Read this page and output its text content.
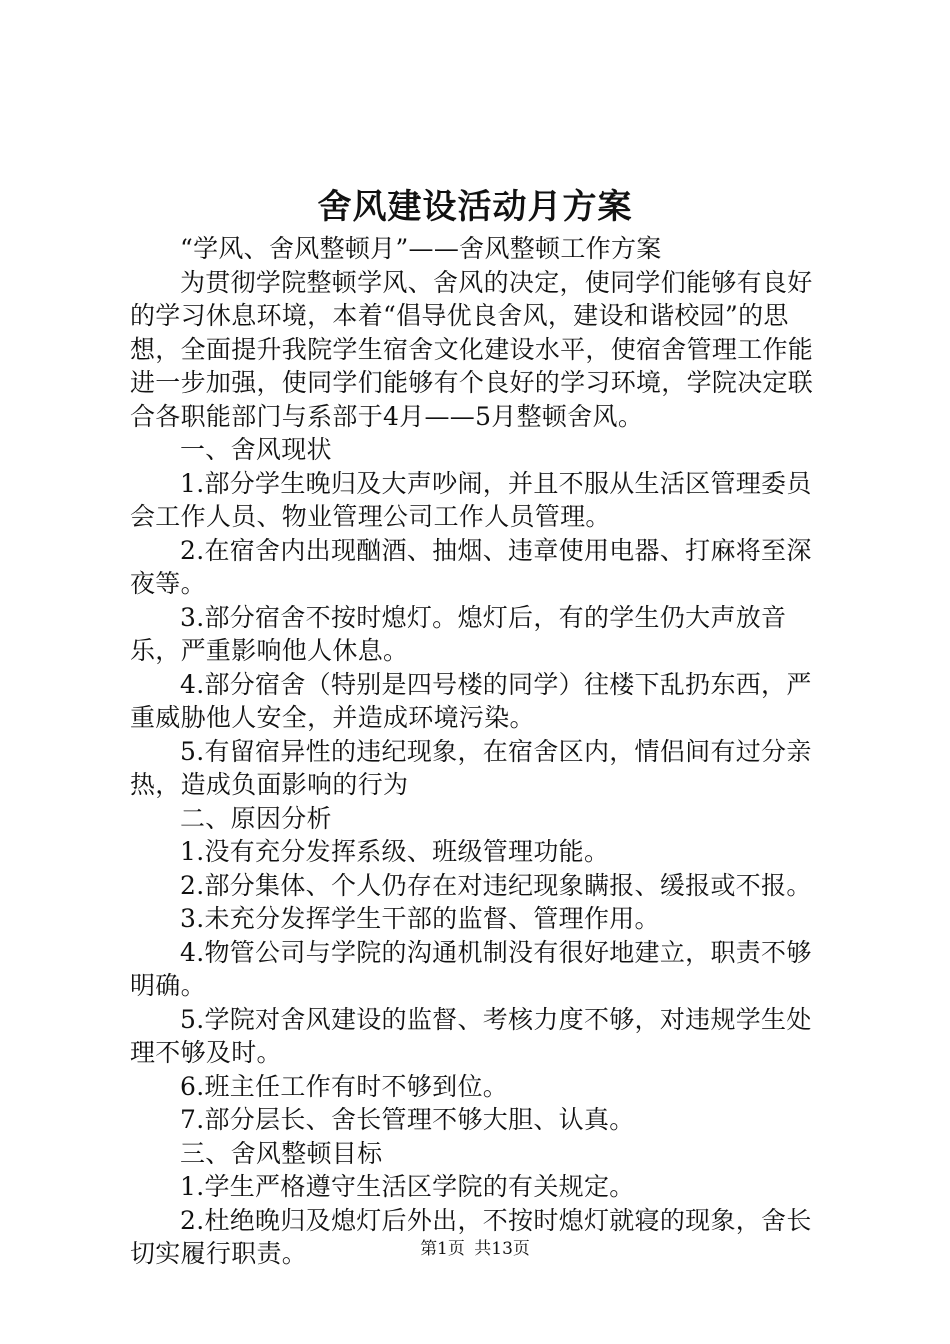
舍风建设活动月方案

“学风、舍风整顿月”——舍风整顿工作方案

为贯彻学院整顿学风、舍风的决定，使同学们能够有良好的学习休息环境，本着“倡导优良舍风，建设和谐校园”的思想，全面提升我院学生宿舍文化建设水平，使宿舍管理工作能进一步加强，使同学们能够有个良好的学习环境，学院决定联合各职能部门与系部于4月——5月整顿舍风。

一、舍风现状

1.部分学生晚归及大声吵闹，并且不服从生活区管理委员会工作人员、物业管理公司工作人员管理。

2.在宿舍内出现酗酒、抽烟、违章使用电器、打麻将至深夜等。

3.部分宿舍不按时熄灯。熄灯后，有的学生仍大声放音乐，严重影响他人休息。

4.部分宿舍（特别是四号楼的同学）往楼下乱扔东西，严重威胁他人安全，并造成环境污染。

5.有留宿异性的违纪现象，在宿舍区内，情侣间有过分亲热，造成负面影响的行为

二、原因分析

1.没有充分发挥系级、班级管理功能。

2.部分集体、个人仍存在对违纪现象瞒报、缓报或不报。

3.未充分发挥学生干部的监督、管理作用。

4.物管公司与学院的沟通机制没有很好地建立，职责不够明确。

5.学院对舍风建设的监督、考核力度不够，对违规学生处理不够及时。

6.班主任工作有时不够到位。

7.部分层长、舍长管理不够大胆、认真。

三、舍风整顿目标

1.学生严格遵守生活区学院的有关规定。

2.杜绝晚归及熄灯后外出，不按时熄灯就寝的现象，舍长切实履行职责。	第1页 共13页
